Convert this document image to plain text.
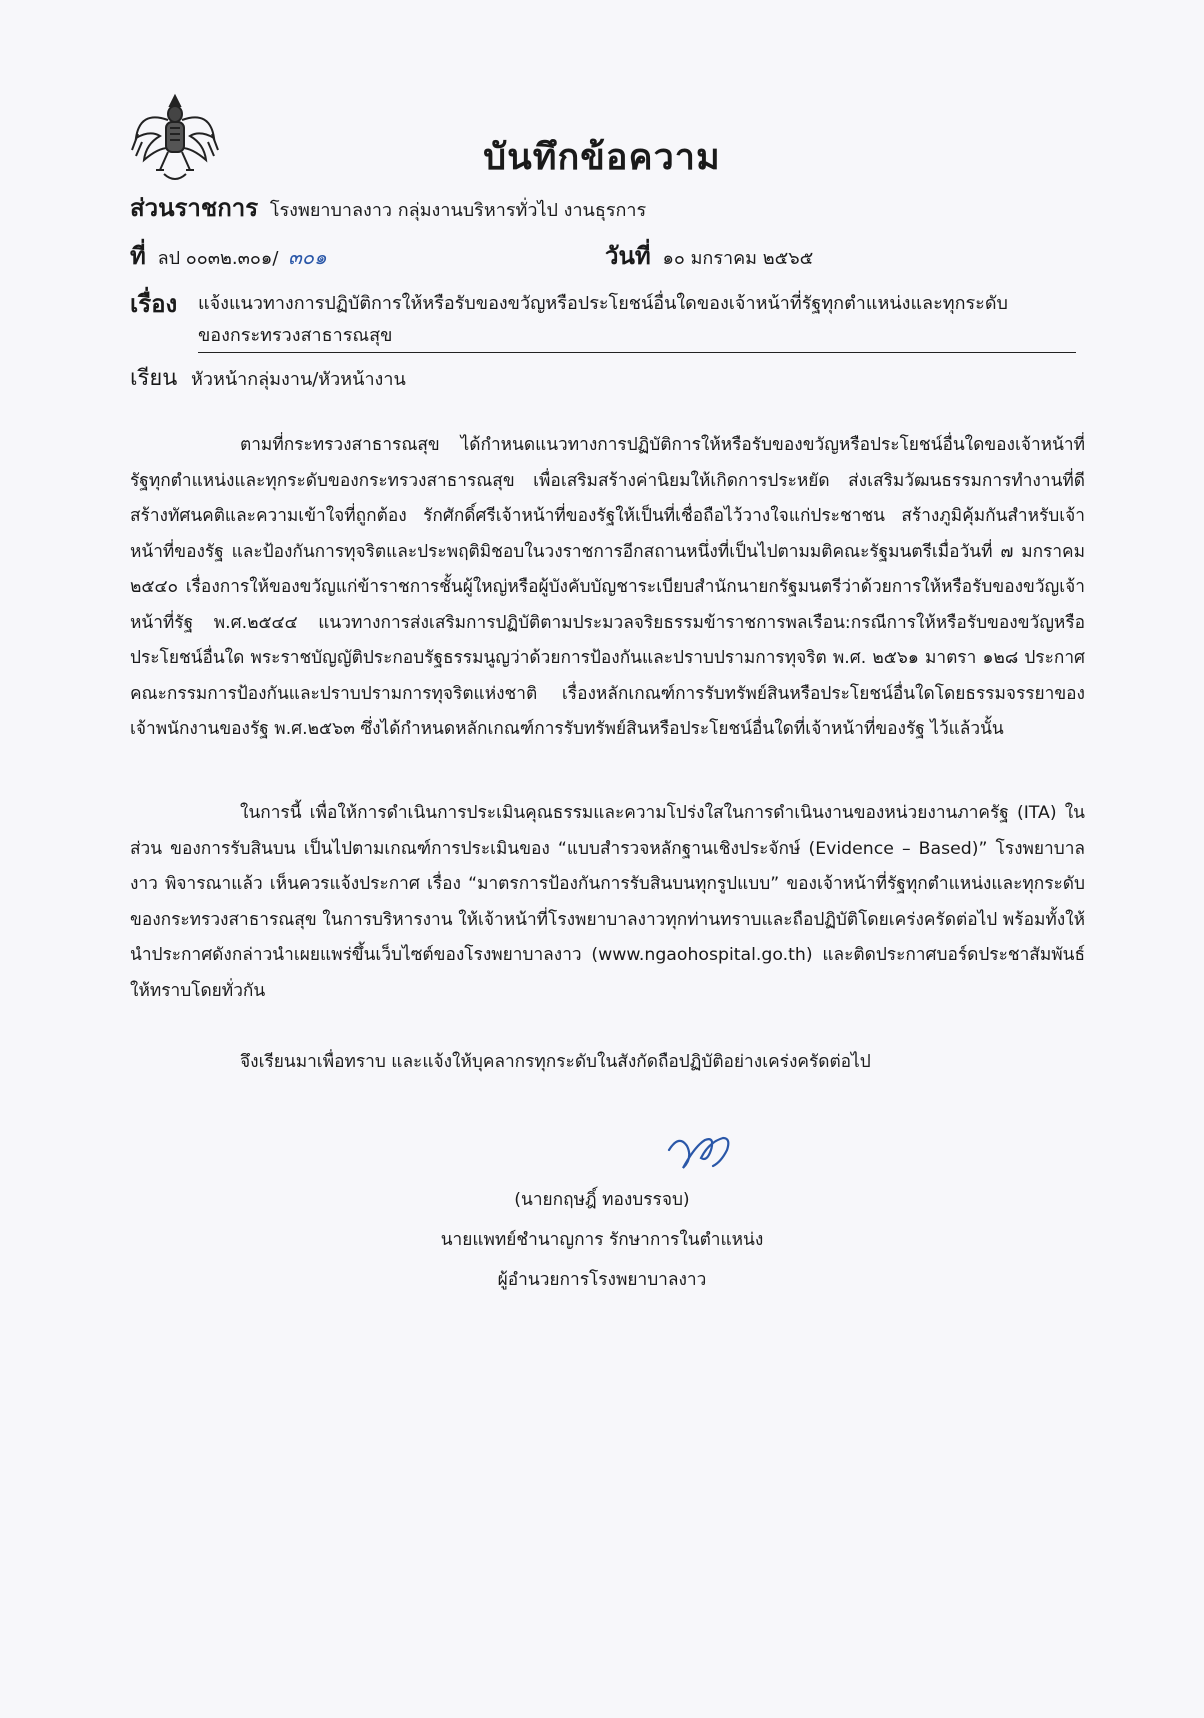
บันทึกข้อความ
ส่วนราชการ โรงพยาบาลงาว กลุ่มงานบริหารทั่วไป งานธุรการ
ที่ ลป ๐๐๓๒.๓๐๑/ ๓๐๑	วันที่ ๑๐ มกราคม ๒๕๖๕
เรื่อง	แจ้งแนวทางการปฏิบัติการให้หรือรับของขวัญหรือประโยชน์อื่นใดของเจ้าหน้าที่รัฐทุกตำแหน่งและทุกระดับ
ของกระทรวงสาธารณสุข
เรียน หัวหน้ากลุ่มงาน/หัวหน้างาน

ตามที่กระทรวงสาธารณสุข ได้กำหนดแนวทางการปฏิบัติการให้หรือรับของขวัญหรือประโยชน์อื่นใดของเจ้าหน้าที่รัฐทุกตำแหน่งและทุกระดับของกระทรวงสาธารณสุข เพื่อเสริมสร้างค่านิยมให้เกิดการประหยัด ส่งเสริมวัฒนธรรมการทำงานที่ดี สร้างทัศนคติและความเข้าใจที่ถูกต้อง รักศักดิ์ศรีเจ้าหน้าที่ของรัฐให้เป็นที่เชื่อถือไว้วางใจแก่ประชาชน สร้างภูมิคุ้มกันสำหรับเจ้าหน้าที่ของรัฐ และป้องกันการทุจริตและประพฤติมิชอบในวงราชการอีกสถานหนึ่งที่เป็นไปตามมติคณะรัฐมนตรีเมื่อวันที่ ๗ มกราคม ๒๕๔๐ เรื่องการให้ของขวัญแก่ข้าราชการชั้นผู้ใหญ่หรือผู้บังคับบัญชาระเบียบสำนักนายกรัฐมนตรีว่าด้วยการให้หรือรับของขวัญเจ้าหน้าที่รัฐ พ.ศ.๒๕๔๔ แนวทางการส่งเสริมการปฏิบัติตามประมวลจริยธรรมข้าราชการพลเรือน:กรณีการให้หรือรับของขวัญหรือประโยชน์อื่นใด พระราชบัญญัติประกอบรัฐธรรมนูญว่าด้วยการป้องกันและปราบปรามการทุจริต พ.ศ. ๒๕๖๑ มาตรา ๑๒๘ ประกาศคณะกรรมการป้องกันและปราบปรามการทุจริตแห่งชาติ เรื่องหลักเกณฑ์การรับทรัพย์สินหรือประโยชน์อื่นใดโดยธรรมจรรยาของเจ้าพนักงานของรัฐ พ.ศ.๒๕๖๓ ซึ่งได้กำหนดหลักเกณฑ์การรับทรัพย์สินหรือประโยชน์อื่นใดที่เจ้าหน้าที่ของรัฐ ไว้แล้วนั้น

ในการนี้ เพื่อให้การดำเนินการประเมินคุณธรรมและความโปร่งใสในการดำเนินงานของหน่วยงานภาครัฐ (ITA) ในส่วน ของการรับสินบน เป็นไปตามเกณฑ์การประเมินของ “แบบสำรวจหลักฐานเชิงประจักษ์ (Evidence – Based)” โรงพยาบาลงาว พิจารณาแล้ว เห็นควรแจ้งประกาศ เรื่อง “มาตรการป้องกันการรับสินบนทุกรูปแบบ” ของเจ้าหน้าที่รัฐทุกตำแหน่งและทุกระดับของกระทรวงสาธารณสุข ในการบริหารงาน ให้เจ้าหน้าที่โรงพยาบาลงาวทุกท่านทราบและถือปฏิบัติโดยเคร่งครัดต่อไป พร้อมทั้งให้นำประกาศดังกล่าวนำเผยแพร่ขึ้นเว็บไซต์ของโรงพยาบาลงาว (www.ngaohospital.go.th) และติดประกาศบอร์ดประชาสัมพันธ์ให้ทราบโดยทั่วกัน

จึงเรียนมาเพื่อทราบ และแจ้งให้บุคลากรทุกระดับในสังกัดถือปฏิบัติอย่างเคร่งครัดต่อไป
(นายกฤษฎิ์ ทองบรรจบ)
นายแพทย์ชำนาญการ รักษาการในตำแหน่ง
ผู้อำนวยการโรงพยาบาลงาว
